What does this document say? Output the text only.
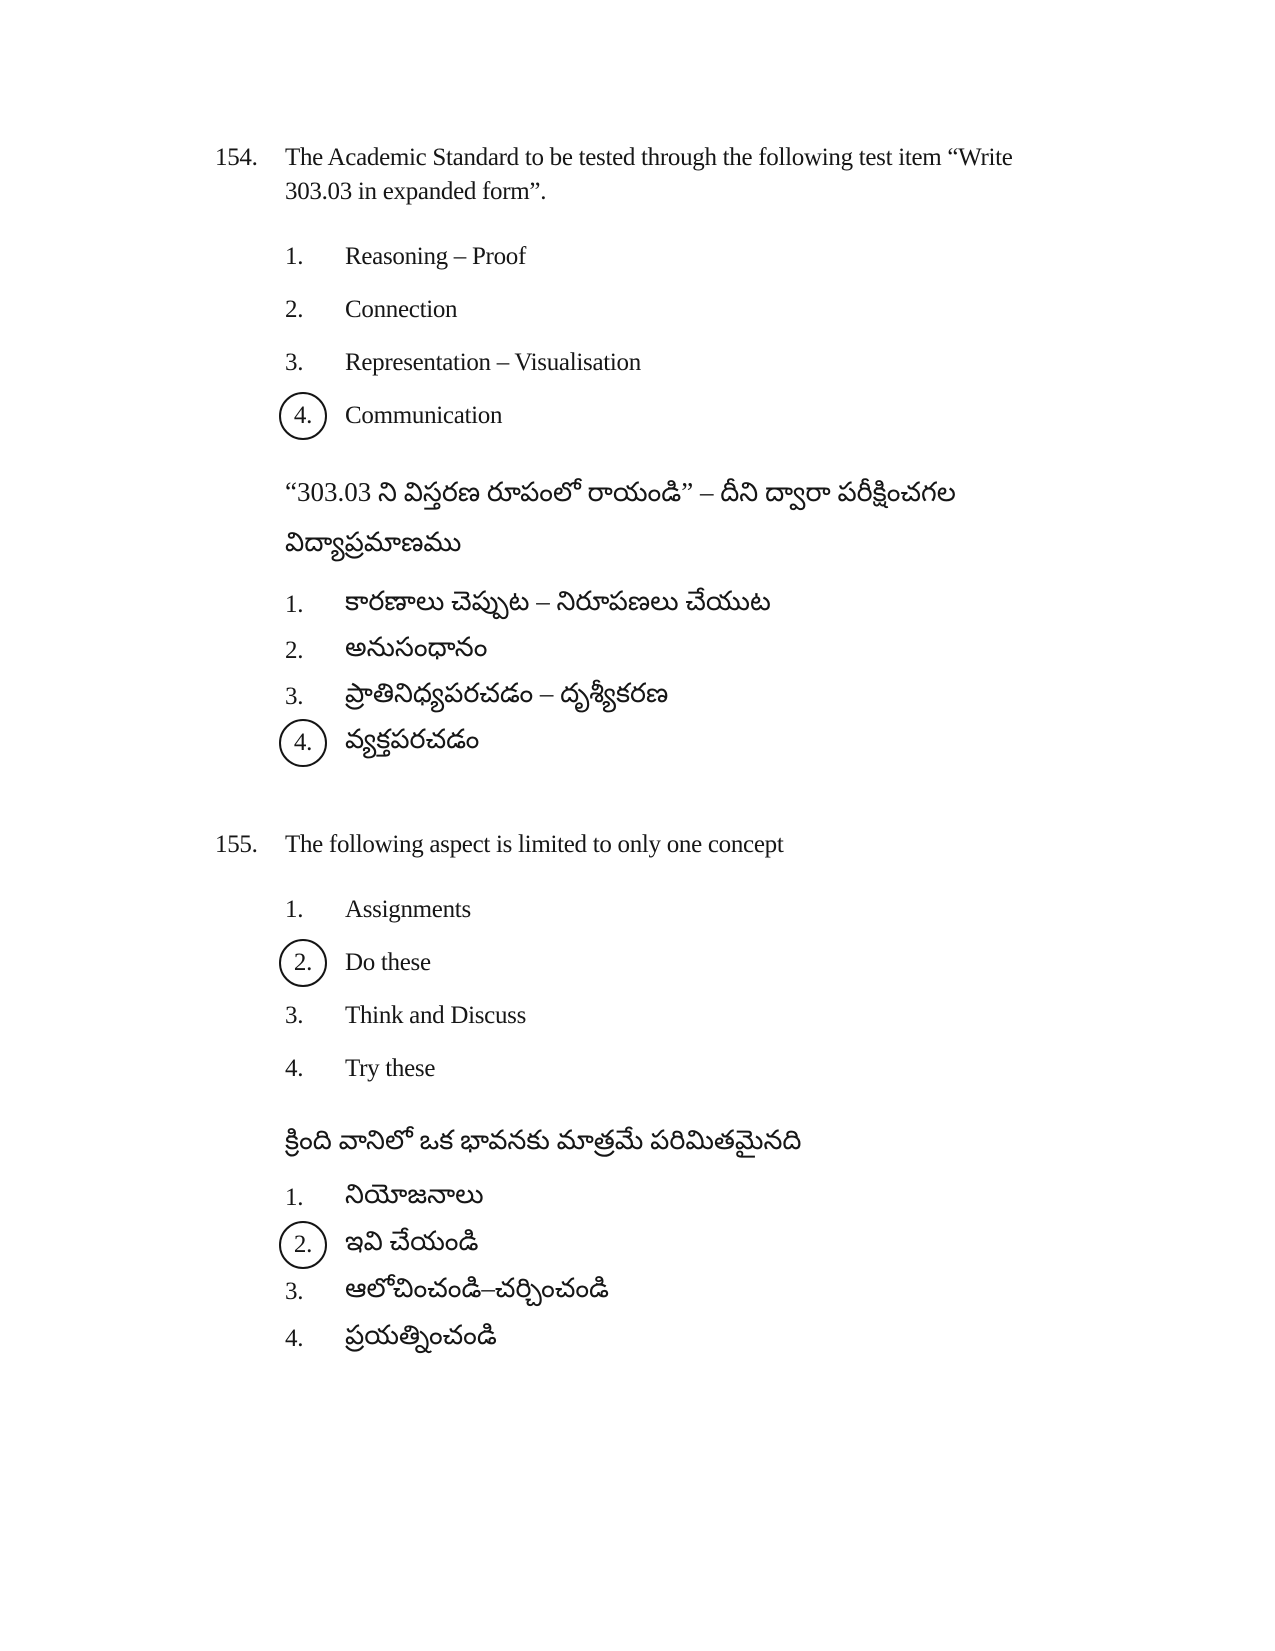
154.	The Academic Standard to be tested through the following test item “Write 303.03 in expanded form”.

1. Reasoning – Proof
2. Connection
3. Representation – Visualisation
4.	Communication

“303.03 ని విస్తరణ రూపంలో రాయండి” – దీని ద్వారా పరీక్షించగల విద్యాప్రమాణము

1. కారణాలు చెప్పుట – నిరూపణలు చేయుట
2. అనుసంధానం
3. ప్రాతినిధ్యపరచడం – దృశ్యీకరణ
4.	వ్యక్తపరచడం
155.	The following aspect is limited to only one concept

1. Assignments
2.	Do these
3. Think and Discuss
4. Try these

క్రింది వానిలో ఒక భావనకు మాత్రమే పరిమితమైనది

1. నియోజనాలు
2.	ఇవి చేయండి
3. ఆలోచించండి–చర్చించండి
4. ప్రయత్నించండి
